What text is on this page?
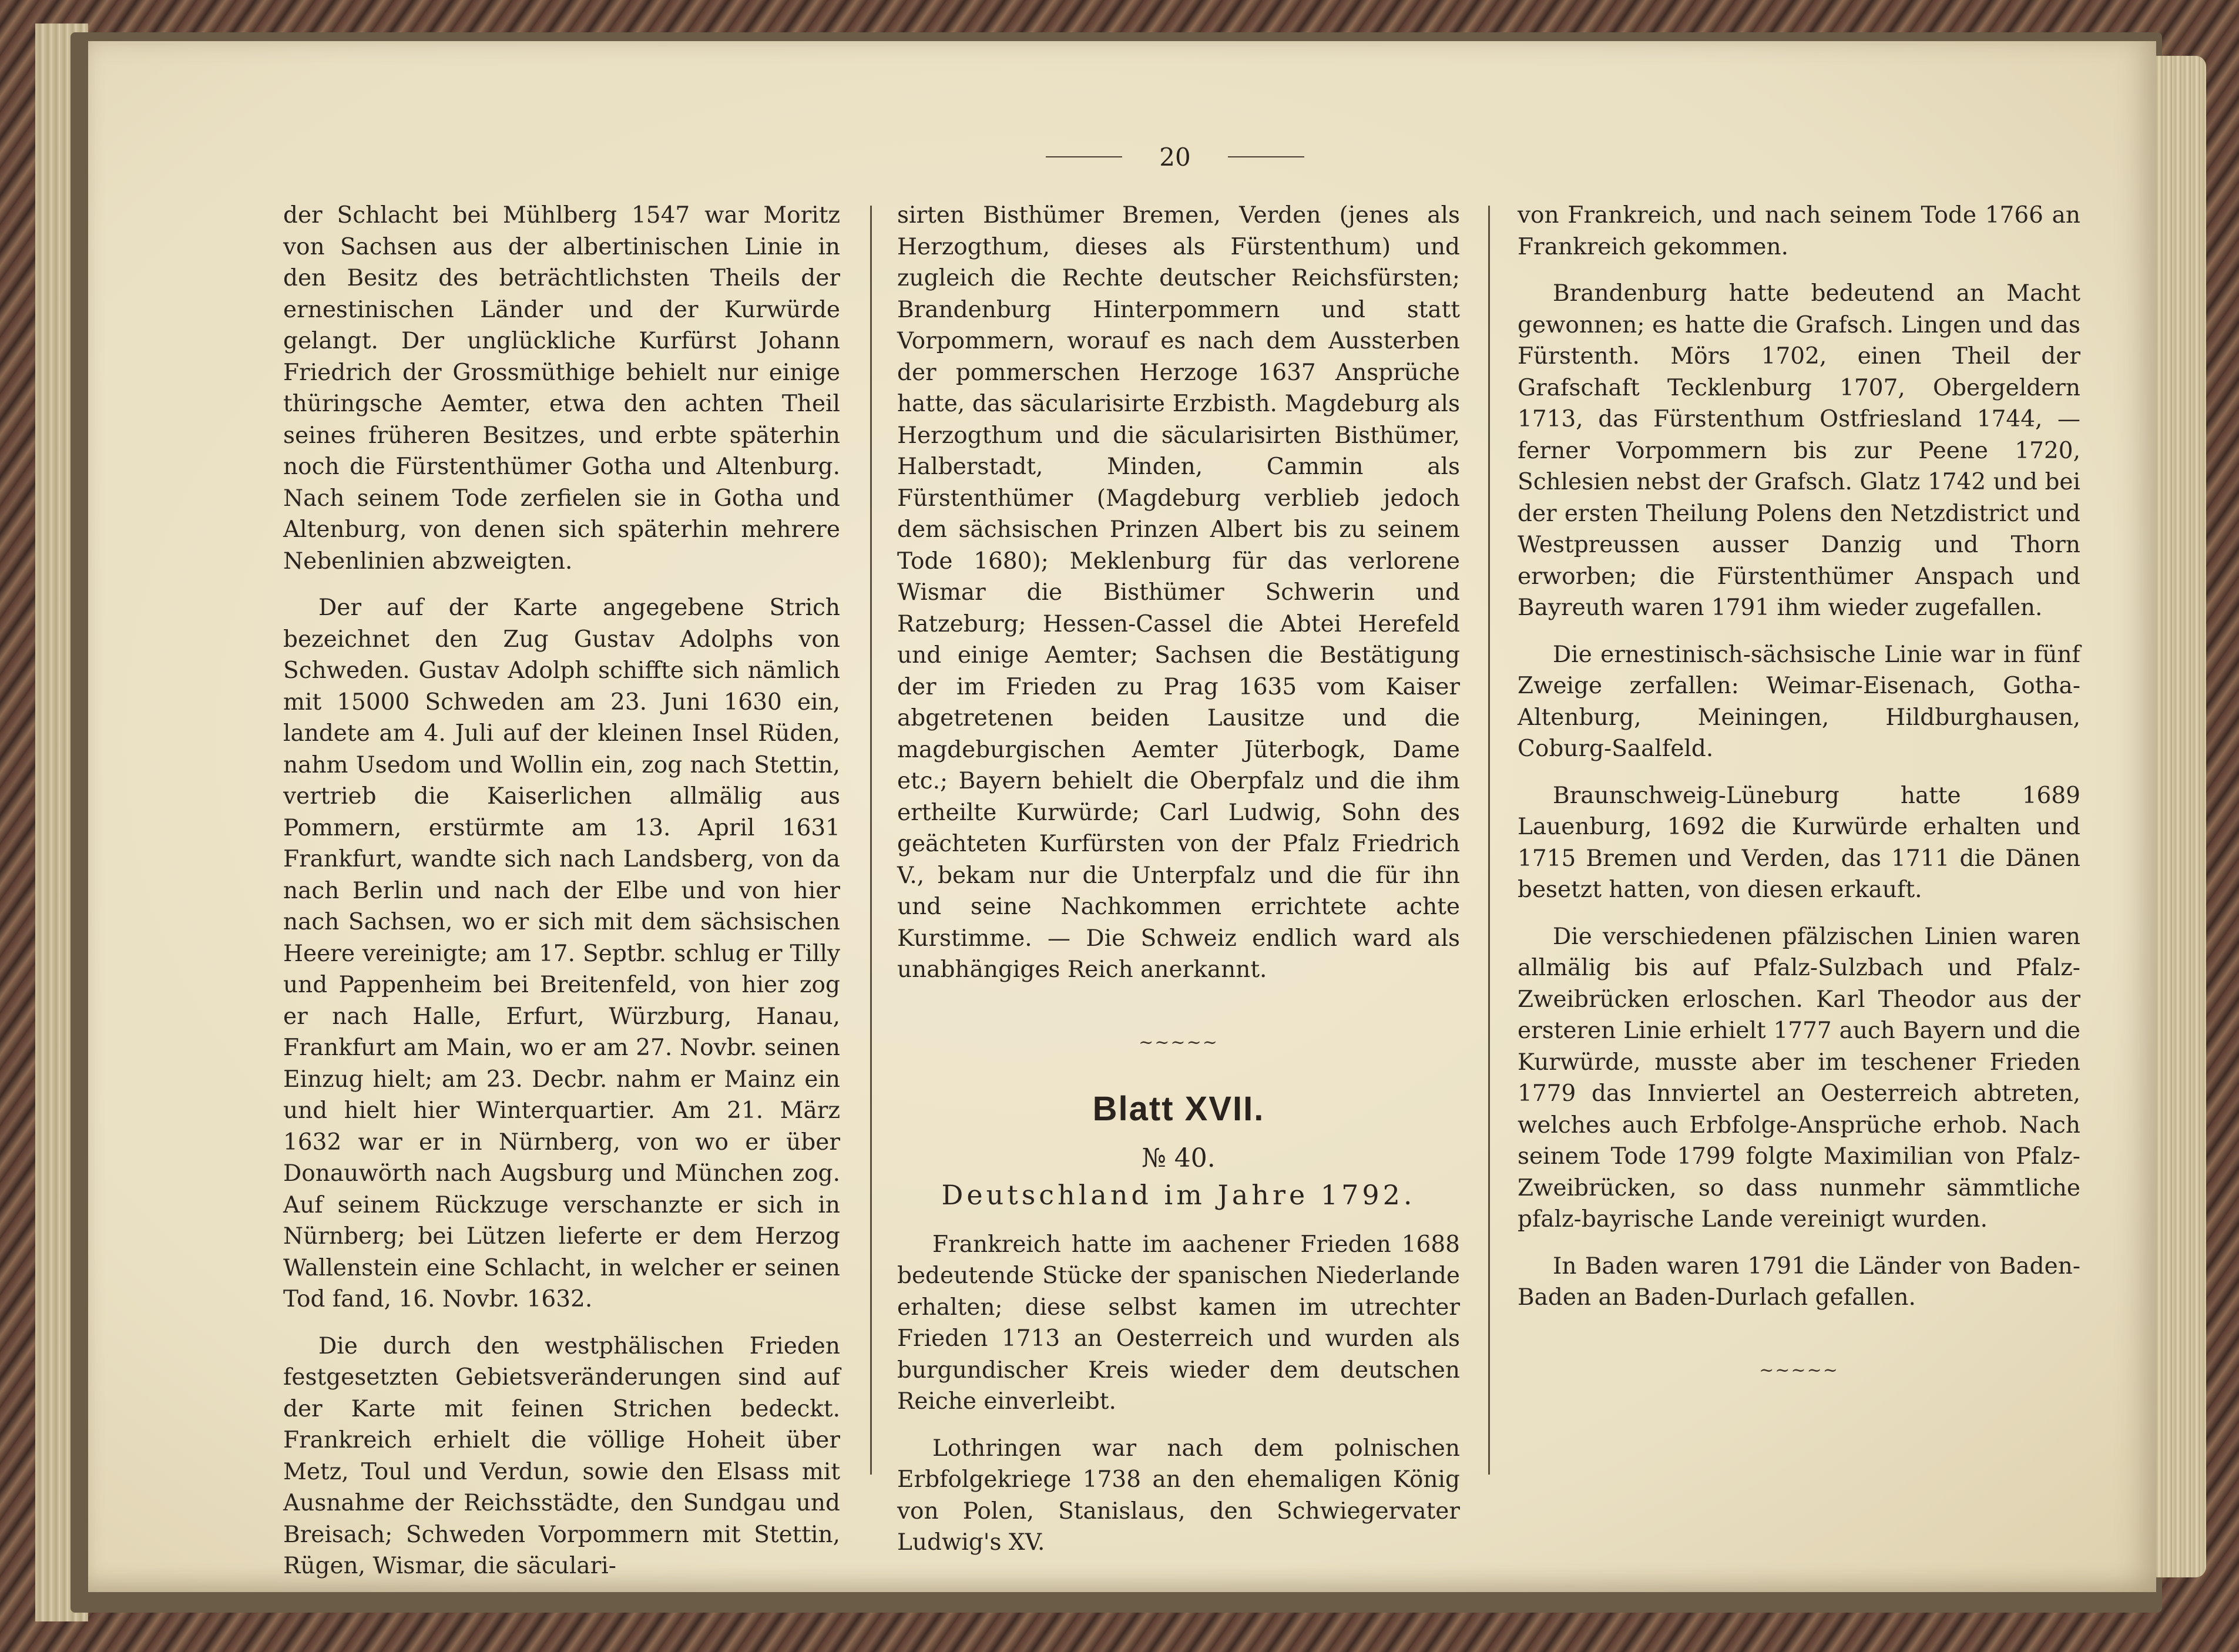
20

der Schlacht bei Mühlberg 1547 war Moritz von Sachsen aus der albertinischen Linie in den Besitz des beträchtlichsten Theils der ernestinischen Länder und der Kurwürde gelangt. Der unglückliche Kurfürst Johann Friedrich der Grossmüthige behielt nur einige thüringsche Aemter, etwa den achten Theil seines früheren Besitzes, und erbte späterhin noch die Fürstenthümer Gotha und Altenburg. Nach seinem Tode zerfielen sie in Gotha und Altenburg, von denen sich späterhin mehrere Nebenlinien abzweigten.

Der auf der Karte angegebene Strich bezeichnet den Zug Gustav Adolphs von Schweden. Gustav Adolph schiffte sich nämlich mit 15000 Schweden am 23. Juni 1630 ein, landete am 4. Juli auf der kleinen Insel Rüden, nahm Usedom und Wollin ein, zog nach Stettin, vertrieb die Kaiserlichen allmälig aus Pommern, erstürmte am 13. April 1631 Frankfurt, wandte sich nach Landsberg, von da nach Berlin und nach der Elbe und von hier nach Sachsen, wo er sich mit dem sächsischen Heere vereinigte; am 17. Septbr. schlug er Tilly und Pappenheim bei Breitenfeld, von hier zog er nach Halle, Erfurt, Würzburg, Hanau, Frankfurt am Main, wo er am 27. Novbr. seinen Einzug hielt; am 23. Decbr. nahm er Mainz ein und hielt hier Winterquartier. Am 21. März 1632 war er in Nürnberg, von wo er über Donauwörth nach Augsburg und München zog. Auf seinem Rückzuge verschanzte er sich in Nürnberg; bei Lützen lieferte er dem Herzog Wallenstein eine Schlacht, in welcher er seinen Tod fand, 16. Novbr. 1632.

Die durch den westphälischen Frieden festgesetzten Gebietsveränderungen sind auf der Karte mit feinen Strichen bedeckt. Frankreich erhielt die völlige Hoheit über Metz, Toul und Verdun, sowie den Elsass mit Ausnahme der Reichsstädte, den Sundgau und Breisach; Schweden Vorpommern mit Stettin, Rügen, Wismar, die säculari-

sirten Bisthümer Bremen, Verden (jenes als Herzogthum, dieses als Fürstenthum) und zugleich die Rechte deutscher Reichsfürsten; Brandenburg Hinterpommern und statt Vorpommern, worauf es nach dem Aussterben der pommerschen Herzoge 1637 Ansprüche hatte, das säcularisirte Erzbisth. Magdeburg als Herzogthum und die säcularisirten Bisthümer, Halberstadt, Minden, Cammin als Fürstenthümer (Magdeburg verblieb jedoch dem sächsischen Prinzen Albert bis zu seinem Tode 1680); Meklenburg für das verlorene Wismar die Bisthümer Schwerin und Ratzeburg; Hessen-Cassel die Abtei Herefeld und einige Aemter; Sachsen die Bestätigung der im Frieden zu Prag 1635 vom Kaiser abgetretenen beiden Lausitze und die magdeburgischen Aemter Jüterbogk, Dame etc.; Bayern behielt die Oberpfalz und die ihm ertheilte Kurwürde; Carl Ludwig, Sohn des geächteten Kurfürsten von der Pfalz Friedrich V., bekam nur die Unterpfalz und die für ihn und seine Nachkommen errichtete achte Kurstimme. — Die Schweiz endlich ward als unabhängiges Reich anerkannt.

~~~~~
Blatt XVII.
№ 40.
Deutschland im Jahre 1792.

Frankreich hatte im aachener Frieden 1688 bedeutende Stücke der spanischen Niederlande erhalten; diese selbst kamen im utrechter Frieden 1713 an Oesterreich und wurden als burgundischer Kreis wieder dem deutschen Reiche einverleibt.

Lothringen war nach dem polnischen Erbfolgekriege 1738 an den ehemaligen König von Polen, Stanislaus, den Schwiegervater Ludwig's XV.

von Frankreich, und nach seinem Tode 1766 an Frankreich gekommen.

Brandenburg hatte bedeutend an Macht gewonnen; es hatte die Grafsch. Lingen und das Fürstenth. Mörs 1702, einen Theil der Grafschaft Tecklenburg 1707, Obergeldern 1713, das Fürstenthum Ostfriesland 1744, — ferner Vorpommern bis zur Peene 1720, Schlesien nebst der Grafsch. Glatz 1742 und bei der ersten Theilung Polens den Netzdistrict und Westpreussen ausser Danzig und Thorn erworben; die Fürstenthümer Anspach und Bayreuth waren 1791 ihm wieder zugefallen.

Die ernestinisch-sächsische Linie war in fünf Zweige zerfallen: Weimar-Eisenach, Gotha-Altenburg, Meiningen, Hildburghausen, Coburg-Saalfeld.

Braunschweig-Lüneburg hatte 1689 Lauenburg, 1692 die Kurwürde erhalten und 1715 Bremen und Verden, das 1711 die Dänen besetzt hatten, von diesen erkauft.

Die verschiedenen pfälzischen Linien waren allmälig bis auf Pfalz-Sulzbach und Pfalz-Zweibrücken erloschen. Karl Theodor aus der ersteren Linie erhielt 1777 auch Bayern und die Kurwürde, musste aber im teschener Frieden 1779 das Innviertel an Oesterreich abtreten, welches auch Erbfolge-Ansprüche erhob. Nach seinem Tode 1799 folgte Maximilian von Pfalz-Zweibrücken, so dass nunmehr sämmtliche pfalz-bayrische Lande vereinigt wurden.

In Baden waren 1791 die Länder von Baden-Baden an Baden-Durlach gefallen.

~~~~~
